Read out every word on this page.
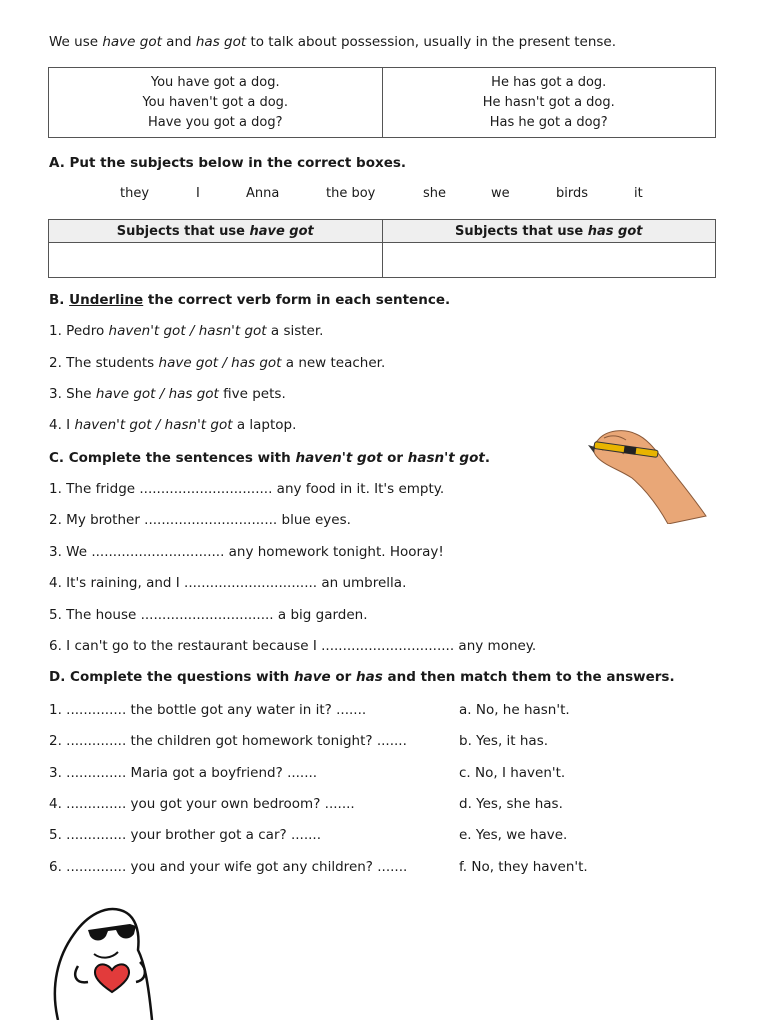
We use have got and has got to talk about possession, usually in the present tense.
You have got a dog.
You haven't got a dog.
Have you got a dog?

He has got a dog.
He hasn't got a dog.
Has he got a dog?
A. Put the subjects below in the correct boxes.
they	I	Anna	the boy	she	we	birds	it
Subjects that use have got	Subjects that use has got

B. Underline the correct verb form in each sentence.
1. Pedro haven't got / hasn't got a sister.
2. The students have got / has got a new teacher.
3. She have got / has got five pets.
4. I haven't got / hasn't got a laptop.
C. Complete the sentences with haven't got or hasn't got.
1. The fridge ............................... any food in it. It's empty.
2. My brother ............................... blue eyes.
3. We ............................... any homework tonight. Hooray!
4. It's raining, and I ............................... an umbrella.
5. The house ............................... a big garden.
6. I can't go to the restaurant because I ............................... any money.
D. Complete the questions with have or has and then match them to the answers.
1. .............. the bottle got any water in it? .......
2. .............. the children got homework tonight? .......
3. .............. Maria got a boyfriend? .......
4. .............. you got your own bedroom? .......
5. .............. your brother got a car? .......
6. .............. you and your wife got any children? .......
a. No, he hasn't.
b. Yes, it has.
c. No, I haven't.
d. Yes, she has.
e. Yes, we have.
f. No, they haven't.
